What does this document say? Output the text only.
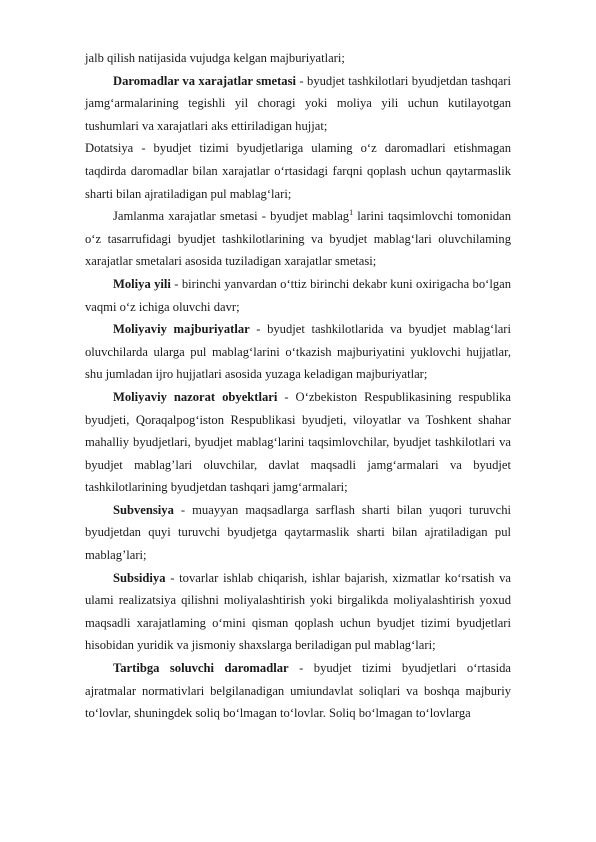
jalb qilish natijasida vujudga kelgan majburiyatlari;

Daromadlar va xarajatlar smetasi - byudjet tashkilotlari byudjetdan tashqari jamg‘armalarining tegishli yil choragi yoki moliya yili uchun kutilayotgan tushumlari va xarajatlari aks ettiriladigan hujjat;

Dotatsiya - byudjet tizimi byudjetlariga ulaming o‘z daromadlari etishmagan taqdirda daromadlar bilan xarajatlar o‘rtasidagi farqni qoplash uchun qaytarmaslik sharti bilan ajratiladigan pul mablag‘lari;

Jamlanma xarajatlar smetasi - byudjet mablag$^1$ larini taqsimlovchi tomonidan o‘z tasarrufidagi byudjet tashkilotlarining va byudjet mablag‘lari oluvchilaming xarajatlar smetalari asosida tuziladigan xarajatlar smetasi;

Moliya yili - birinchi yanvardan o‘ttiz birinchi dekabr kuni oxirigacha bo‘lgan vaqmi o‘z ichiga oluvchi davr;

Moliyaviy majburiyatlar - byudjet tashkilotlarida va byudjet mablag‘lari oluvchilarda ularga pul mablag‘larini o‘tkazish majburiyatini yuklovchi hujjatlar, shu jumladan ijro hujjatlari asosida yuzaga keladigan majburiyatlar;

Moliyaviy nazorat obyektlari - O‘zbekiston Respublikasining respublika byudjeti, Qoraqalpog‘iston Respublikasi byudjeti, viloyatlar va Toshkent shahar mahalliy byudjetlari, byudjet mablag‘larini taqsimlovchilar, byudjet tashkilotlari va byudjet mablag’lari oluvchilar, davlat maqsadli jamg‘armalari va byudjet tashkilotlarining byudjetdan tashqari jamg‘armalari;

Subvensiya - muayyan maqsadlarga sarflash sharti bilan yuqori turuvchi byudjetdan quyi turuvchi byudjetga qaytarmaslik sharti bilan ajratiladigan pul mablag’lari;

Subsidiya - tovarlar ishlab chiqarish, ishlar bajarish, xizmatlar ko‘rsatish va ulami realizatsiya qilishni moliyalashtirish yoki birgalikda moliyalashtirish yoxud maqsadli xarajatlaming o‘mini qisman qoplash uchun byudjet tizimi byudjetlari hisobidan yuridik va jismoniy shaxslarga beriladigan pul mablag‘lari;

Tartibga soluvchi daromadlar - byudjet tizimi byudjetlari o‘rtasida ajratmalar normativlari belgilanadigan umiundavlat soliqlari va boshqa majburiy to‘lovlar, shuningdek soliq bo‘lmagan to‘lovlar. Soliq bo‘lmagan to‘lovlarga
